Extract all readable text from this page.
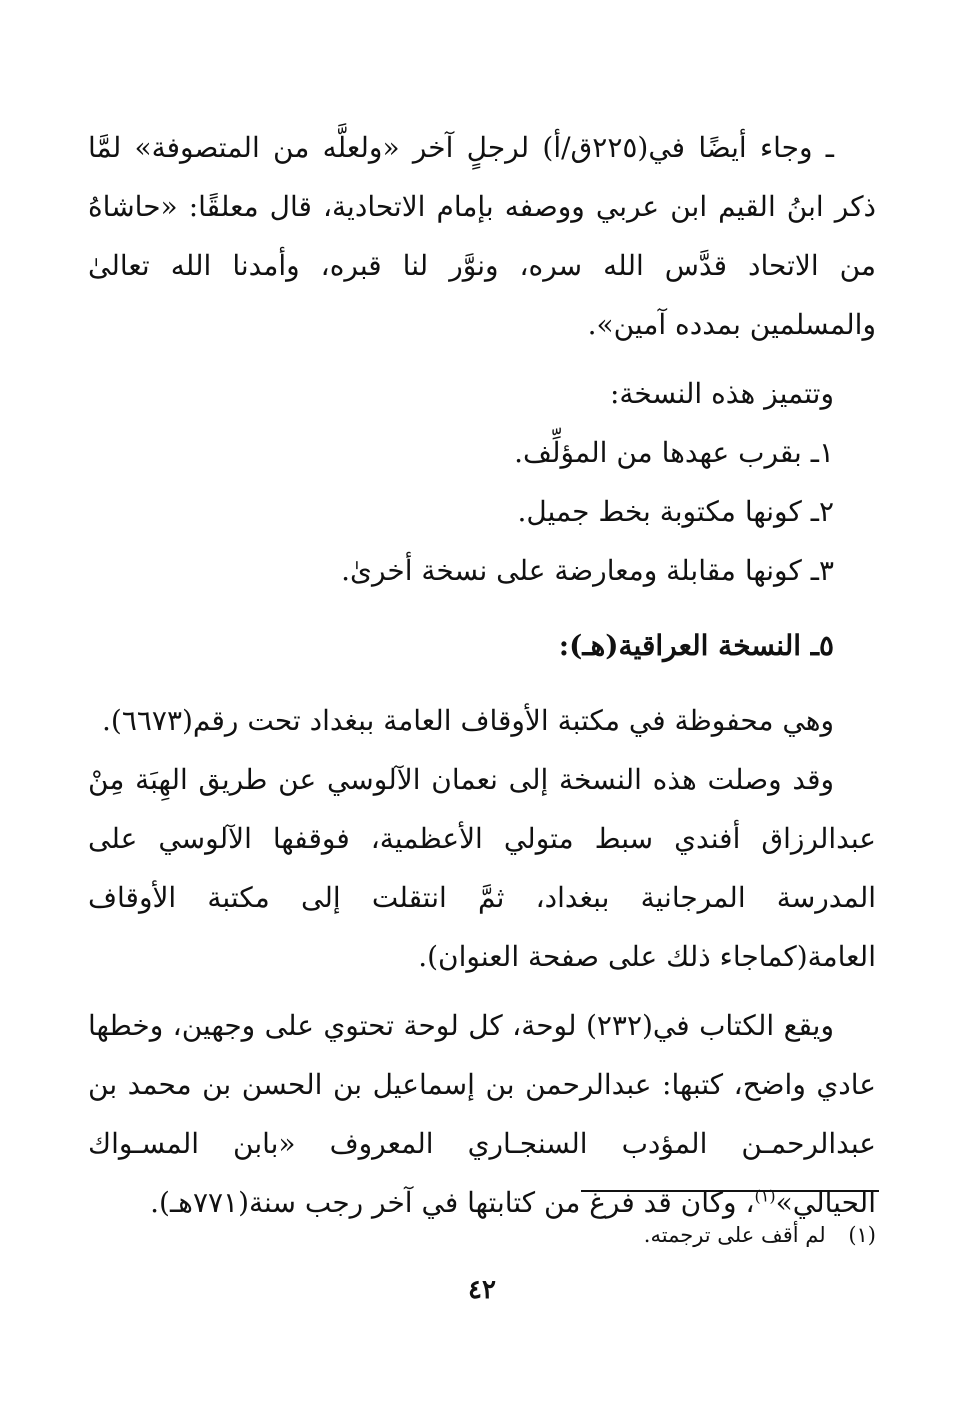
ـ وجاء أيضًا في(٢٢٥ق/أ) لرجلٍ آخر «ولعلَّه من المتصوفة» لمَّا ذكر ابنُ القيم ابن عربي ووصفه بإمام الاتحادية، قال معلقًا: «حاشاهُ من الاتحاد قدَّس الله سره، ونوَّر لنا قبره، وأمدنا الله تعالىٰ والمسلمين بمدده آمين».

وتتميز هذه النسخة:

١ـ بقرب عهدها من المؤلِّف.

٢ـ كونها مكتوبة بخط جميل.

٣ـ كونها مقابلة ومعارضة على نسخة أخرىٰ.

٥ـ النسخة العراقية(هـ):

وهي محفوظة في مكتبة الأوقاف العامة ببغداد تحت رقم(٦٦٧٣).

وقد وصلت هذه النسخة إلى نعمان الآلوسي عن طريق الهِبَة مِنْ عبدالرزاق أفندي سبط متولي الأعظمية، فوقفها الآلوسي على المدرسة المرجانية ببغداد، ثمَّ انتقلت إلى مكتبة الأوقاف العامة(كماجاء ذلك على صفحة العنوان).

ويقع الكتاب في(٢٣٢) لوحة، كل لوحة تحتوي على وجهين، وخطها عادي واضح، كتبها: عبدالرحمن بن إسماعيل بن الحسن بن محمد بن عبدالرحمـن المؤدب السنجـاري المعروف «بابن المسـواك الحيالي»$^{(١)}$، وكان قد فرغ من كتابتها في آخر رجب سنة(٧٧١هـ).

(١) لم أقف على ترجمته.
٤٢
